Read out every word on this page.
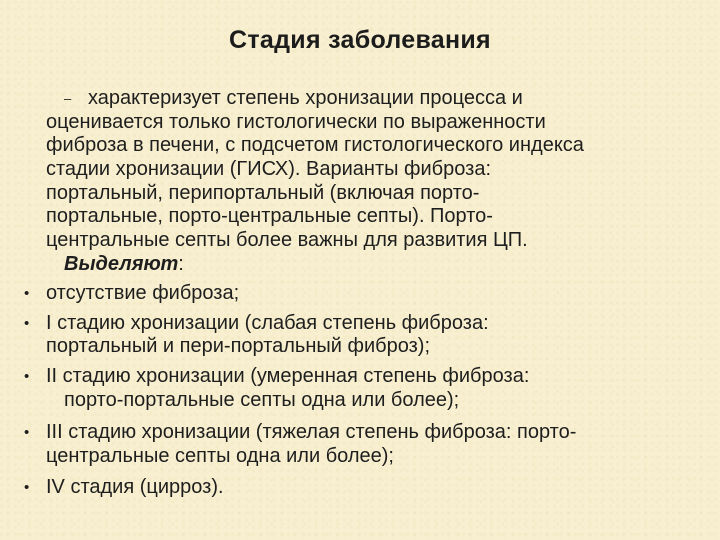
Стадия заболевания
– характеризует степень хронизации процесса и
оценивается только гистологически по выраженности
фиброза в печени, с подсчетом гистологического индекса
стадии хронизации (ГИСХ). Варианты фиброза:
портальный, перипортальный (включая порто-
портальные, порто-центральные септы). Порто-
центральные септы более важны для развития ЦП.
Выделяют:
• отсутствие фиброза;
• I стадию хронизации (слабая степень фиброза:
портальный и пери-портальный фиброз);
• II стадию хронизации (умеренная степень фиброза:
порто-портальные септы одна или более);
• III стадию хронизации (тяжелая степень фиброза: порто-
центральные септы одна или более);
• IV стадия (цирроз).
